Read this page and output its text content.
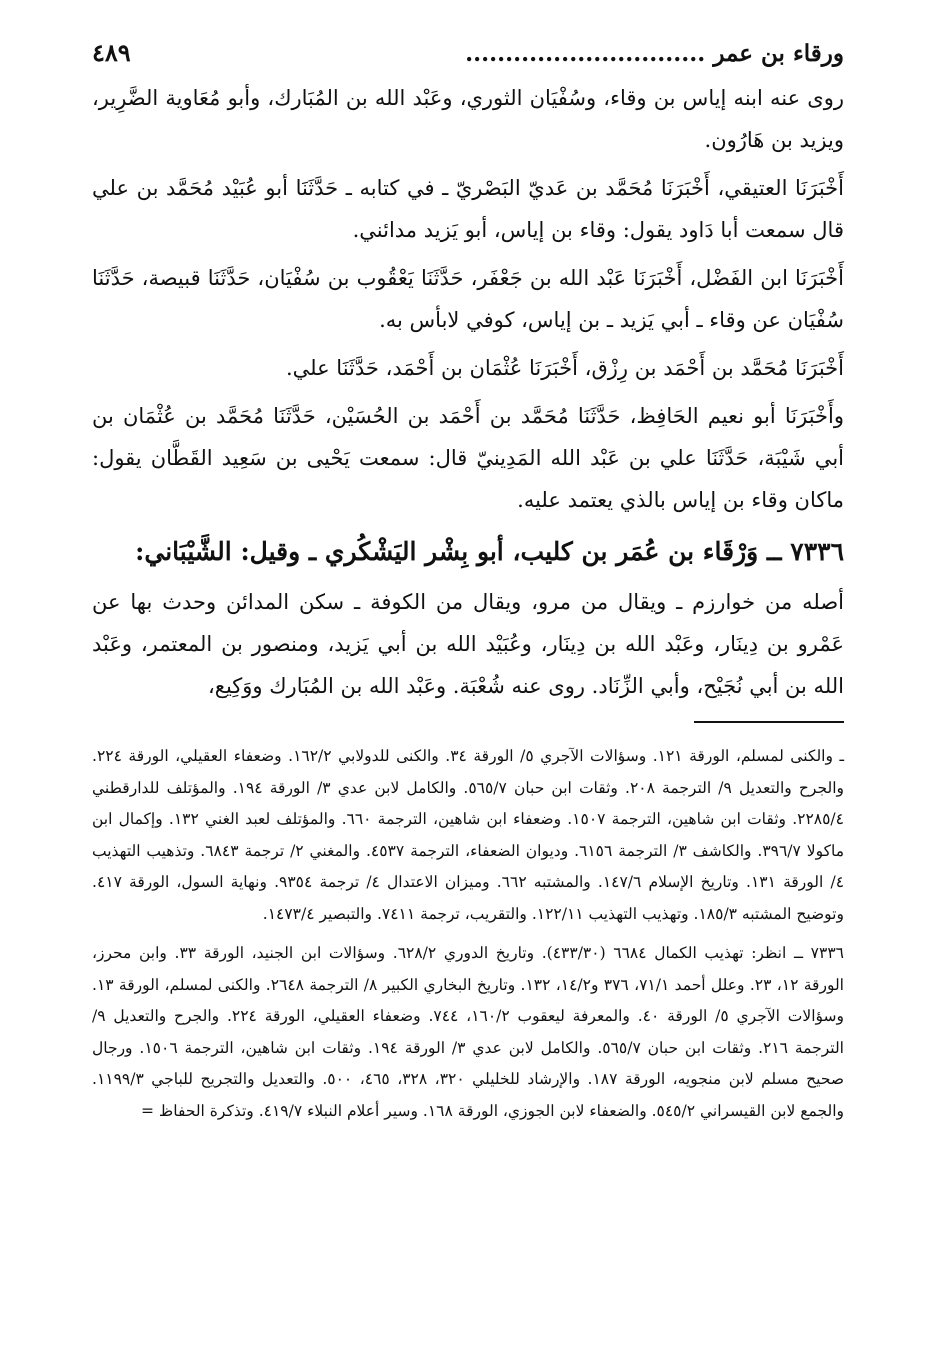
ورقاء بن عمر ..............................
٤٨٩

روى عنه ابنه إياس بن وقاء، وسُفْيَان الثوري، وعَبْد الله بن المُبَارك، وأبو مُعَاوية الضَّرِير، ويزيد بن هَارُون.

أَخْبَرَنَا العتيقي، أَخْبَرَنَا مُحَمَّد بن عَديّ البَصْريّ ـ في كتابه ـ حَدَّثَنَا أبو عُبَيْد مُحَمَّد بن علي قال سمعت أبا دَاود يقول: وقاء بن إياس، أبو يَزيد مدائني.

أَخْبَرَنَا ابن الفَضْل، أَخْبَرَنَا عَبْد الله بن جَعْفَر، حَدَّثَنَا يَعْقُوب بن سُفْيَان، حَدَّثَنَا قبيصة، حَدَّثَنَا سُفْيَان عن وقاء ـ أبي يَزيد ـ بن إياس، كوفي لابأس به.

أَخْبَرَنَا مُحَمَّد بن أَحْمَد بن رِزْق، أَخْبَرَنَا عُثْمَان بن أَحْمَد، حَدَّثَنَا علي.

وأَخْبَرَنَا أبو نعيم الحَافِظ، حَدَّثَنَا مُحَمَّد بن أَحْمَد بن الحُسَيْن، حَدَّثَنَا مُحَمَّد بن عُثْمَان بن أبي شَيْبَة، حَدَّثَنَا علي بن عَبْد الله المَدِينيّ قال: سمعت يَحْيى بن سَعِيد القَطَّان يقول: ماكان وقاء بن إياس بالذي يعتمد عليه.

٧٣٣٦ ــ وَرْقَاء بن عُمَر بن كليب، أبو بِشْر اليَشْكُري ـ وقيل: الشَّيْبَاني:

أصله من خوارزم ـ ويقال من مرو، ويقال من الكوفة ـ سكن المدائن وحدث بها عن عَمْرو بن دِينَار، وعَبْد الله بن دِينَار، وعُبَيْد الله بن أبي يَزيد، ومنصور بن المعتمر، وعَبْد الله بن أبي نُجَيْح، وأبي الزِّنَاد. روى عنه شُعْبَة. وعَبْد الله بن المُبَارك ووَكِيع،

ـ والكنى لمسلم، الورقة ١٢١. وسؤالات الآجري ٥/ الورقة ٣٤. والكنى للدولابي ١٦٢/٢. وضعفاء العقيلي، الورقة ٢٢٤. والجرح والتعديل ٩/ الترجمة ٢٠٨. وثقات ابن حبان ٥٦٥/٧. والكامل لابن عدي ٣/ الورقة ١٩٤. والمؤتلف للدارقطني ٢٢٨٥/٤. وثقات ابن شاهين، الترجمة ١٥٠٧. وضعفاء ابن شاهين، الترجمة ٦٦٠. والمؤتلف لعبد الغني ١٣٢. وإكمال ابن ماكولا ٣٩٦/٧. والكاشف ٣/ الترجمة ٦١٥٦. وديوان الضعفاء، الترجمة ٤٥٣٧. والمغني ٢/ ترجمة ٦٨٤٣. وتذهيب التهذيب ٤/ الورقة ١٣١. وتاريخ الإسلام ١٤٧/٦. والمشتبه ٦٦٢. وميزان الاعتدال ٤/ ترجمة ٩٣٥٤. ونهاية السول، الورقة ٤١٧. وتوضيح المشتبه ١٨٥/٣. وتهذيب التهذيب ١٢٢/١١. والتقريب، ترجمة ٧٤١١. والتبصير ١٤٧٣/٤.
٧٣٣٦ ــ انظر: تهذيب الكمال ٦٦٨٤ (٤٣٣/٣٠). وتاريخ الدوري ٦٢٨/٢. وسؤالات ابن الجنيد، الورقة ٣٣. وابن محرز، الورقة ١٢، ٢٣. وعلل أحمد ٧١/١، ٣٧٦ و١٤/٢، ١٣٢. وتاريخ البخاري الكبير ٨/ الترجمة ٢٦٤٨. والكنى لمسلم، الورقة ١٣. وسؤالات الآجري ٥/ الورقة ٤٠. والمعرفة ليعقوب ١٦٠/٢، ٧٤٤. وضعفاء العقيلي، الورقة ٢٢٤. والجرح والتعديل ٩/ الترجمة ٢١٦. وثقات ابن حبان ٥٦٥/٧. والكامل لابن عدي ٣/ الورقة ١٩٤. وثقات ابن شاهين، الترجمة ١٥٠٦. ورجال صحيح مسلم لابن منجويه، الورقة ١٨٧. والإرشاد للخليلي ٣٢٠، ٣٢٨، ٤٦٥، ٥٠٠. والتعديل والتجريح للباجي ١١٩٩/٣. والجمع لابن القيسراني ٥٤٥/٢. والضعفاء لابن الجوزي، الورقة ١٦٨. وسير أعلام النبلاء ٤١٩/٧. وتذكرة الحفاظ =
